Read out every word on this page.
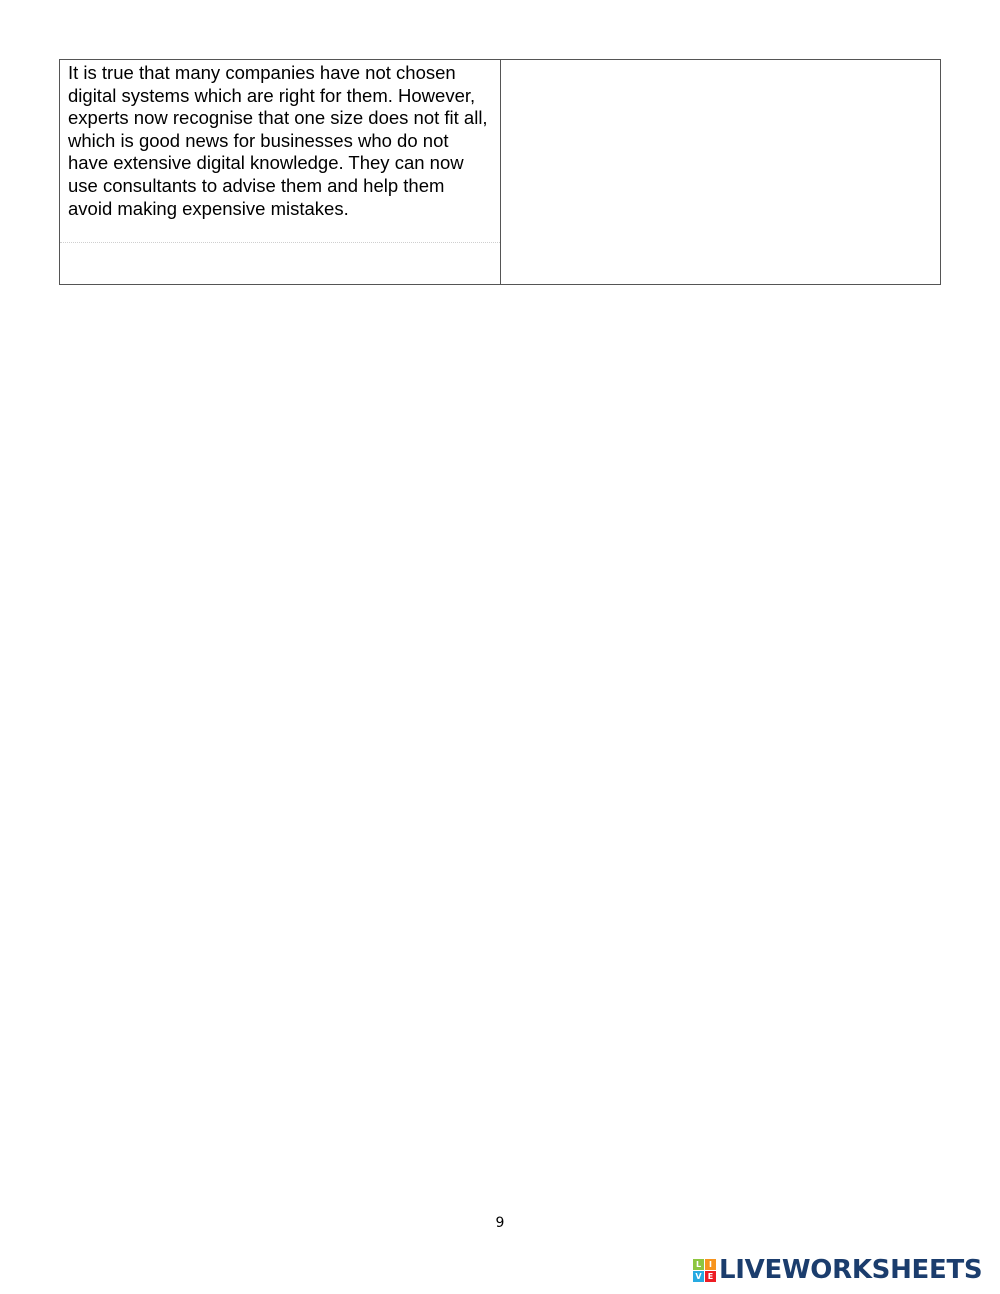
It is true that many companies have not chosen digital systems which are right for them. However, experts now recognise that one size does not fit all, which is good news for businesses who do not have extensive digital knowledge. They can now use consultants to advise them and help them avoid making expensive mistakes.

9
L I
V E LIVEWORKSHEETS
